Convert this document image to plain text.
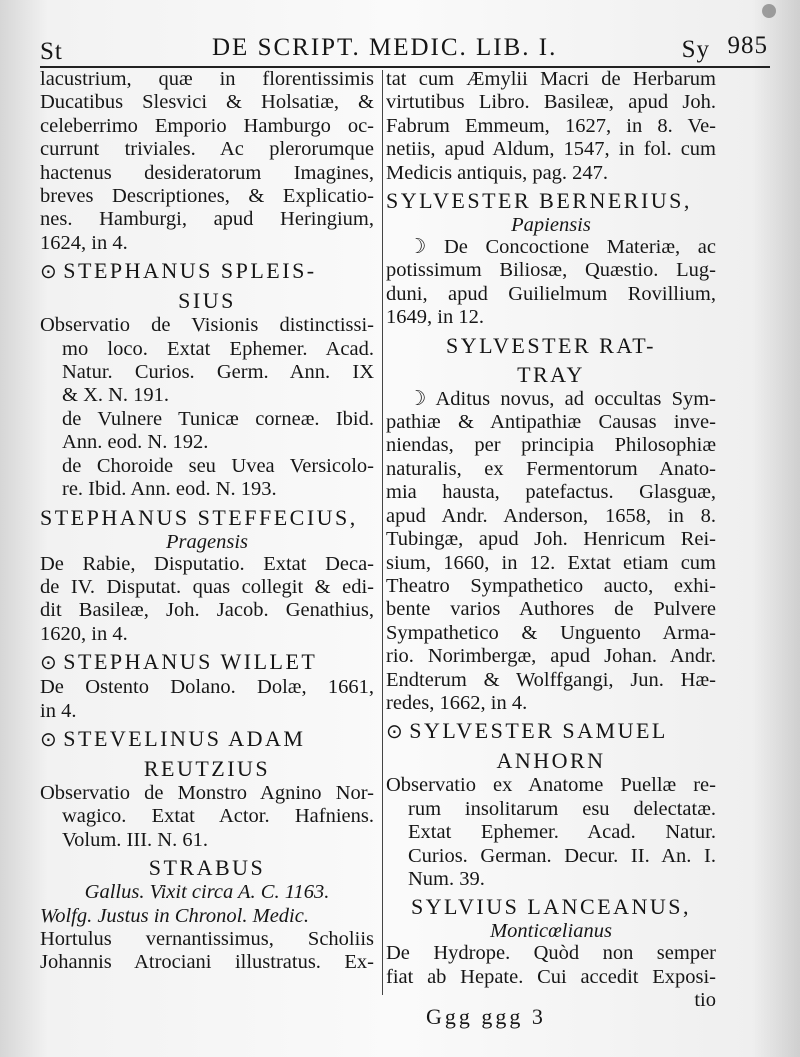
St	DE SCRIPT. MEDIC. LIB. I.	Sy 985
lacustrium, quæ in florentissimis
Ducatibus Slesvici & Holsatiæ, &
celeberrimo Emporio Hamburgo oc-
currunt triviales. Ac plerorumque
hactenus desideratorum Imagines,
breves Descriptiones, & Explicatio-
nes. Hamburgi, apud Heringium,
1624, in 4.
⊙ STEPHANUS SPLEIS-
SIUS
Observatio de Visionis distinctissi-
mo loco. Extat Ephemer. Acad.
Natur. Curios. Germ. Ann. IX
& X. N. 191.
de Vulnere Tunicæ corneæ. Ibid.
Ann. eod. N. 192.
de Choroide seu Uvea Versicolo-
re. Ibid. Ann. eod. N. 193.
STEPHANUS STEFFECIUS,
Pragensis
De Rabie, Disputatio. Extat Deca-
de IV. Disputat. quas collegit & edi-
dit Basileæ, Joh. Jacob. Genathius,
1620, in 4.
⊙ STEPHANUS WILLET
De Ostento Dolano. Dolæ, 1661,
in 4.
⊙ STEVELINUS ADAM
REUTZIUS
Observatio de Monstro Agnino Nor-
wagico. Extat Actor. Hafniens.
Volum. III. N. 61.
STRABUS
Gallus. Vixit circa A. C. 1163.
Wolfg. Justus in Chronol. Medic.
Hortulus vernantissimus, Scholiis
Johannis Atrociani illustratus. Ex-
tat cum Æmylii Macri de Herbarum
virtutibus Libro. Basileæ, apud Joh.
Fabrum Emmeum, 1627, in 8. Ve-
netiis, apud Aldum, 1547, in fol. cum
Medicis antiquis, pag. 247.
SYLVESTER BERNERIUS,
Papiensis
☽ De Concoctione Materiæ, ac
potissimum Biliosæ, Quæstio. Lug-
duni, apud Guilielmum Rovillium,
1649, in 12.
SYLVESTER RAT-
TRAY
☽ Aditus novus, ad occultas Sym-
pathiæ & Antipathiæ Causas inve-
niendas, per principia Philosophiæ
naturalis, ex Fermentorum Anato-
mia hausta, patefactus. Glasguæ,
apud Andr. Anderson, 1658, in 8.
Tubingæ, apud Joh. Henricum Rei-
sium, 1660, in 12. Extat etiam cum
Theatro Sympathetico aucto, exhi-
bente varios Authores de Pulvere
Sympathetico & Unguento Arma-
rio. Norimbergæ, apud Johan. Andr.
Endterum & Wolffgangi, Jun. Hæ-
redes, 1662, in 4.
⊙ SYLVESTER SAMUEL
ANHORN
Observatio ex Anatome Puellæ re-
rum insolitarum esu delectatæ.
Extat Ephemer. Acad. Natur.
Curios. German. Decur. II. An. I.
Num. 39.
SYLVIUS LANCEANUS,
Monticœlianus
De Hydrope. Quòd non semper
fiat ab Hepate. Cui accedit Exposi-
tio
Ggg ggg 3
